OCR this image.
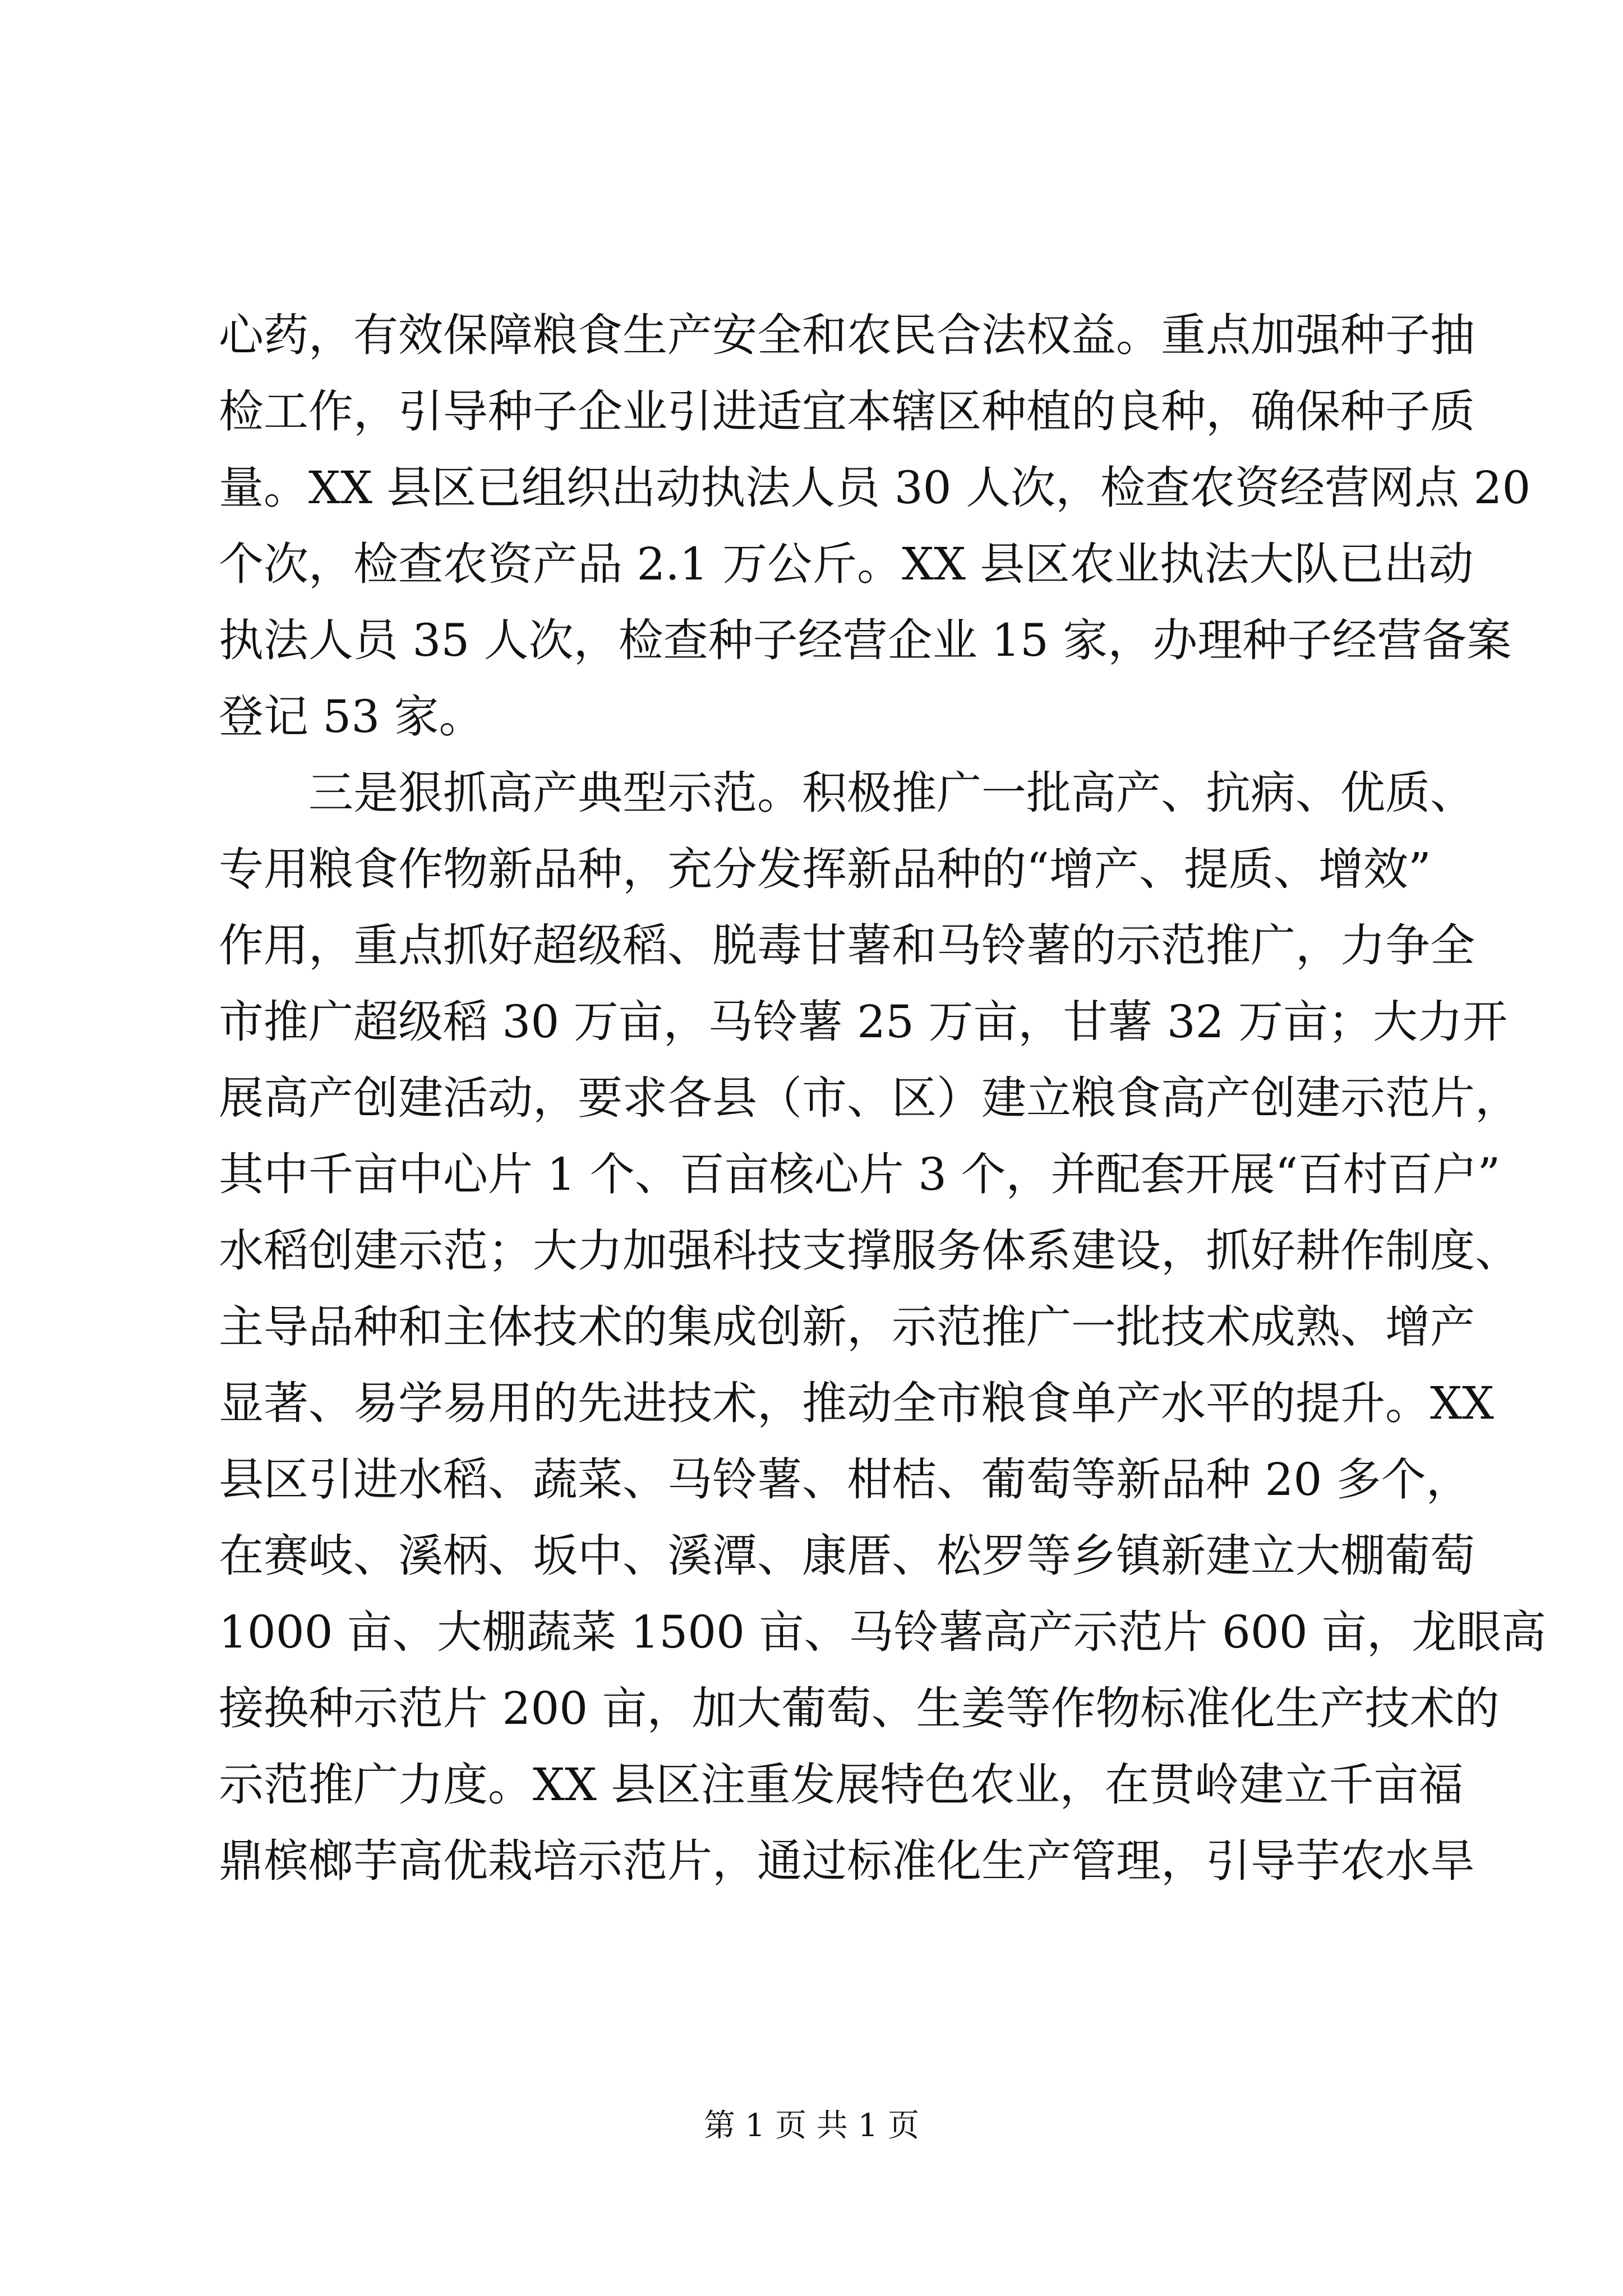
心药，有效保障粮食生产安全和农民合法权益。重点加强种子抽
检工作，引导种子企业引进适宜本辖区种植的良种，确保种子质
量。XX 县区已组织出动执法人员 30 人次，检查农资经营网点 20
个次，检查农资产品 2.1 万公斤。XX 县区农业执法大队已出动
执法人员 35 人次，检查种子经营企业 15 家，办理种子经营备案
登记 53 家。
三是狠抓高产典型示范。积极推广一批高产、抗病、优质、
专用粮食作物新品种，充分发挥新品种的“增产、提质、增效”
作用，重点抓好超级稻、脱毒甘薯和马铃薯的示范推广，力争全
市推广超级稻 30 万亩，马铃薯 25 万亩，甘薯 32 万亩；大力开
展高产创建活动，要求各县（市、区）建立粮食高产创建示范片，
其中千亩中心片 1 个、百亩核心片 3 个，并配套开展“百村百户”
水稻创建示范；大力加强科技支撑服务体系建设，抓好耕作制度、
主导品种和主体技术的集成创新，示范推广一批技术成熟、增产
显著、易学易用的先进技术，推动全市粮食单产水平的提升。XX
县区引进水稻、蔬菜、马铃薯、柑桔、葡萄等新品种 20 多个，
在赛岐、溪柄、坂中、溪潭、康厝、松罗等乡镇新建立大棚葡萄
1000 亩、大棚蔬菜 1500 亩、马铃薯高产示范片 600 亩，龙眼高
接换种示范片 200 亩，加大葡萄、生姜等作物标准化生产技术的
示范推广力度。XX 县区注重发展特色农业，在贯岭建立千亩福
鼎槟榔芋高优栽培示范片，通过标准化生产管理，引导芋农水旱
第 1 页 共 1 页
